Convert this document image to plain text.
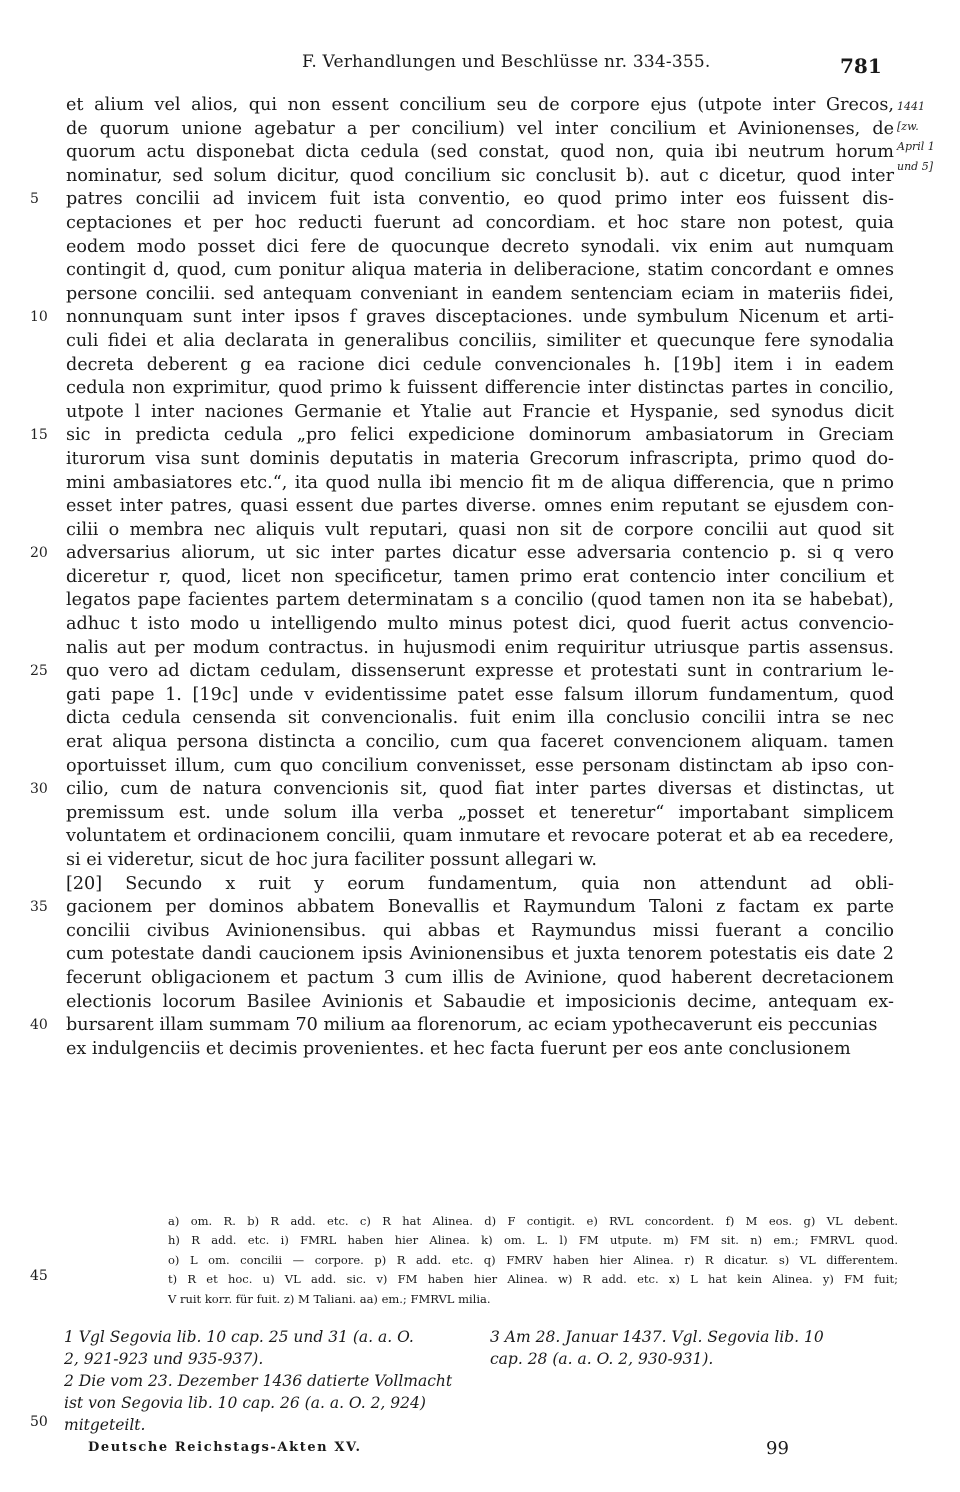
F. Verhandlungen und Beschlüsse nr. 334-355.	781
1441
[zw.
April 1
und 5]
5
10
15
20
25
30
35
40
et alium vel alios, qui non essent concilium seu de corpore ejus (utpote inter Grecos,
de quorum unione agebatur a per concilium) vel inter concilium et Avinionenses, de
quorum actu disponebat dicta cedula (sed constat, quod non, quia ibi neutrum horum
nominatur, sed solum dicitur, quod concilium sic conclusit b). aut c dicetur, quod inter
patres concilii ad invicem fuit ista conventio, eo quod primo inter eos fuissent dis-
ceptaciones et per hoc reducti fuerunt ad concordiam. et hoc stare non potest, quia
eodem modo posset dici fere de quocunque decreto synodali. vix enim aut numquam
contingit d, quod, cum ponitur aliqua materia in deliberacione, statim concordant e omnes
persone concilii. sed antequam conveniant in eandem sentenciam eciam in materiis fidei,
nonnunquam sunt inter ipsos f graves disceptaciones. unde symbulum Nicenum et arti-
culi fidei et alia declarata in generalibus conciliis, similiter et quecunque fere synodalia
decreta deberent g ea racione dici cedule convencionales h. [19b] item i in eadem
cedula non exprimitur, quod primo k fuissent differencie inter distinctas partes in concilio,
utpote l inter naciones Germanie et Ytalie aut Francie et Hyspanie, sed synodus dicit
sic in predicta cedula „pro felici expedicione dominorum ambasiatorum in Greciam
iturorum visa sunt dominis deputatis in materia Grecorum infrascripta, primo quod do-
mini ambasiatores etc.“, ita quod nulla ibi mencio fit m de aliqua differencia, que n primo
esset inter patres, quasi essent due partes diverse. omnes enim reputant se ejusdem con-
cilii o membra nec aliquis vult reputari, quasi non sit de corpore concilii aut quod sit
adversarius aliorum, ut sic inter partes dicatur esse adversaria contencio p. si q vero
diceretur r, quod, licet non specificetur, tamen primo erat contencio inter concilium et
legatos pape facientes partem determinatam s a concilio (quod tamen non ita se habebat),
adhuc t isto modo u intelligendo multo minus potest dici, quod fuerit actus convencio-
nalis aut per modum contractus. in hujusmodi enim requiritur utriusque partis assensus.
quo vero ad dictam cedulam, dissenserunt expresse et protestati sunt in contrarium le-
gati pape 1. [19c] unde v evidentissime patet esse falsum illorum fundamentum, quod
dicta cedula censenda sit convencionalis. fuit enim illa conclusio concilii intra se nec
erat aliqua persona distincta a concilio, cum qua faceret convencionem aliquam. tamen
oportuisset illum, cum quo concilium convenisset, esse personam distinctam ab ipso con-
cilio, cum de natura convencionis sit, quod fiat inter partes diversas et distinctas, ut
premissum est. unde solum illa verba „posset et teneretur“ importabant simplicem
voluntatem et ordinacionem concilii, quam inmutare et revocare poterat et ab ea recedere,
si ei videretur, sicut de hoc jura faciliter possunt allegari w.
[20] Secundo x ruit y eorum fundamentum, quia non attendunt ad obli-
gacionem per dominos abbatem Bonevallis et Raymundum Taloni z factam ex parte
concilii civibus Avinionensibus. qui abbas et Raymundus missi fuerant a concilio
cum potestate dandi caucionem ipsis Avinionensibus et juxta tenorem potestatis eis date 2
fecerunt obligacionem et pactum 3 cum illis de Avinione, quod haberent decretacionem
electionis locorum Basilee Avinionis et Sabaudie et imposicionis decime, antequam ex-
bursarent illam summam 70 milium aa florenorum, ac eciam ypothecaverunt eis peccunias
ex indulgenciis et decimis provenientes. et hec facta fuerunt per eos ante conclusionem
a) om. R. b) R add. etc. c) R hat Alinea. d) F contigit. e) RVL concordent. f) M eos. g) VL debent.
h) R add. etc. i) FMRL haben hier Alinea. k) om. L. l) FM utpute. m) FM sit. n) em.; FMRVL quod.
o) L om. concilii — corpore. p) R add. etc. q) FMRV haben hier Alinea. r) R dicatur. s) VL differentem.
t) R et hoc. u) VL add. sic. v) FM haben hier Alinea. w) R add. etc. x) L hat kein Alinea. y) FM fuit;
V ruit korr. für fuit. z) M Taliani. aa) em.; FMRVL milia.
45
1 Vgl Segovia lib. 10 cap. 25 und 31 (a. a. O.
2, 921-923 und 935-937).
2 Die vom 23. Dezember 1436 datierte Vollmacht
ist von Segovia lib. 10 cap. 26 (a. a. O. 2, 924)
mitgeteilt.
3 Am 28. Januar 1437. Vgl. Segovia lib. 10
cap. 28 (a. a. O. 2, 930-931).
50
Deutsche Reichstags-Akten XV.	99
